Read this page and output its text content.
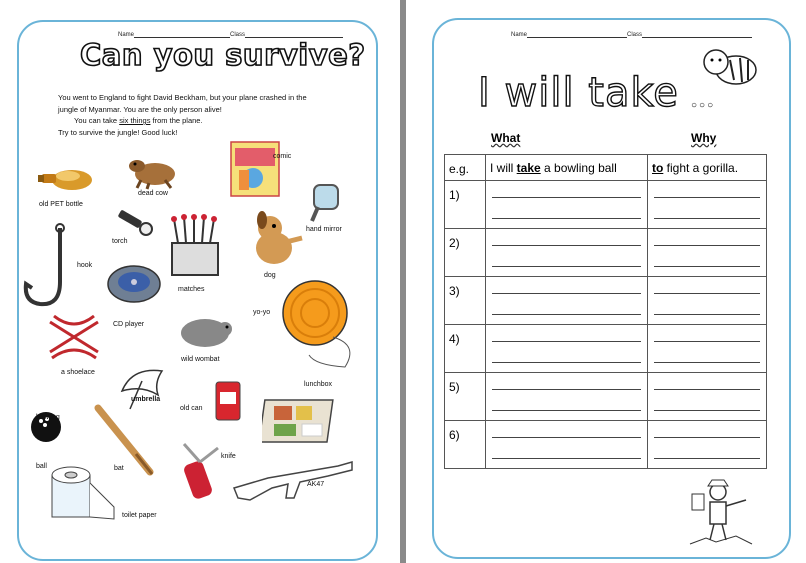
Name	Class
Can you survive?

You went to England to fight David Beckham, but your plane crashed in the

jungle of Myanmar. You are the only person alive!

You can take six things from the plane.

Try to survive the jungle! Good luck!

old PET bottle
dead cow
comic
hand mirror
torch
matches
dog
hook
CD player
yo-yo
wild wombat
a shoelace
umbrella
lunchbox
bowling
ball	bat
old can
knife
AK47
toilet paper
Name	Class
I will take ○○○
What	Why
e.g.	I will take a bowling ball	to fight a gorilla.
1)	

2)	

3)	

4)	

5)	

6)	
